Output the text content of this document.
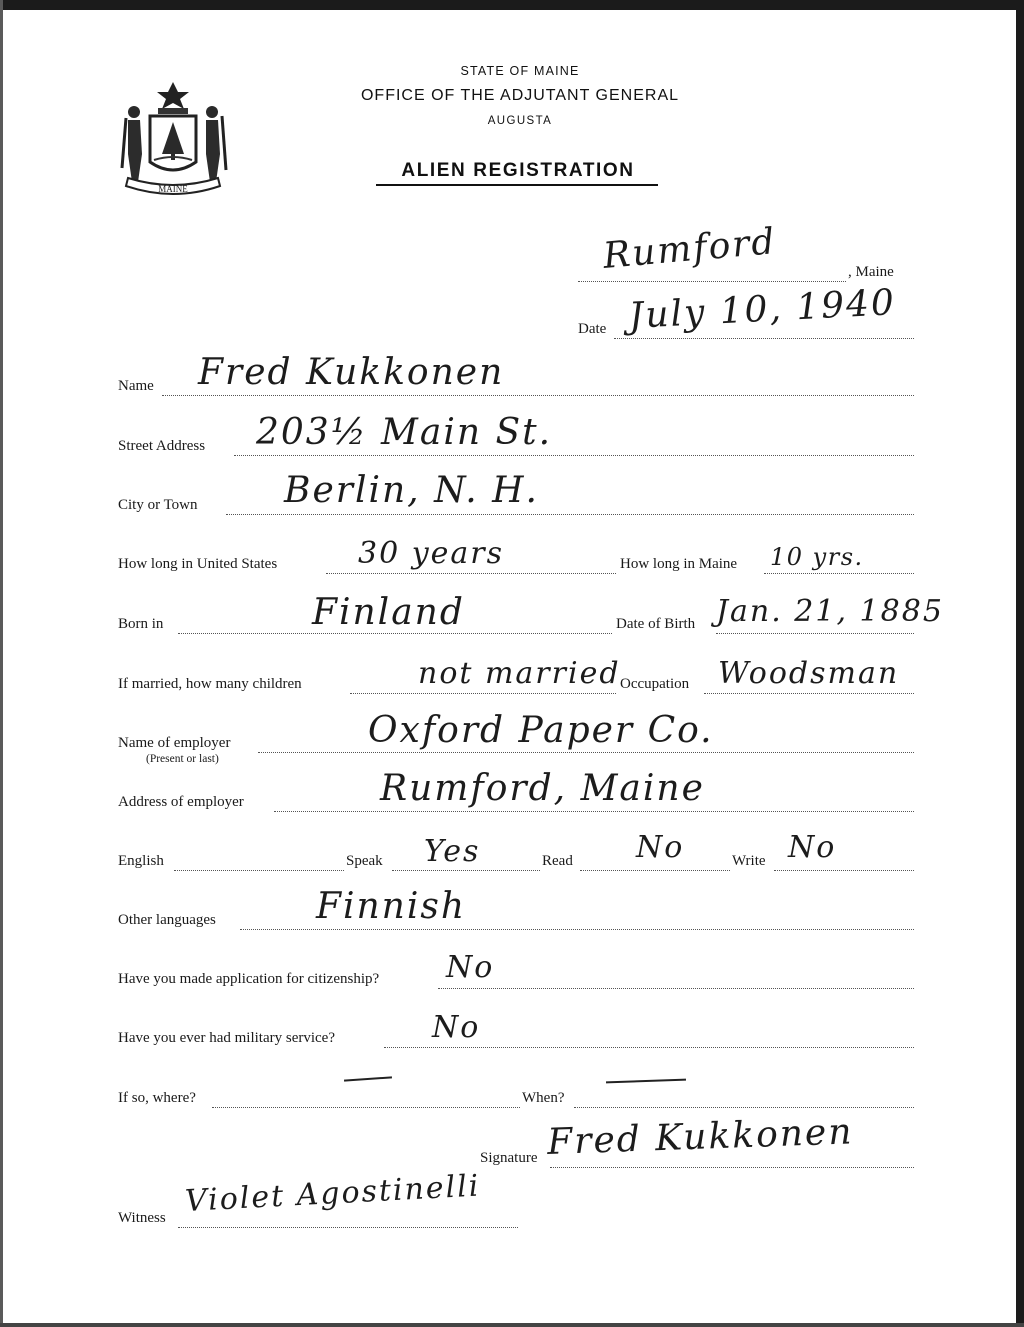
MAINE
STATE OF MAINE
OFFICE OF THE ADJUTANT GENERAL
AUGUSTA
ALIEN REGISTRATION
Rumford	, Maine
Date July 10, 1940
Name Fred Kukkonen
Street Address 203½ Main St.
City or Town Berlin, N. H.
How long in United States	30 years	How long in Maine 10 yrs.
Born in	Finland	Date of Birth Jan. 21, 1885
If married, how many children	not married Occupation Woodsman
Name of employer
(Present or last)
Oxford Paper Co.
Address of employer	Rumford, Maine
English	Speak Yes	Read No	Write No
Other languages	Finnish
Have you made application for citizenship? No
Have you ever had military service?	No
If so, where?	When?
Signature Fred Kukkonen
Witness Violet Agostinelli
